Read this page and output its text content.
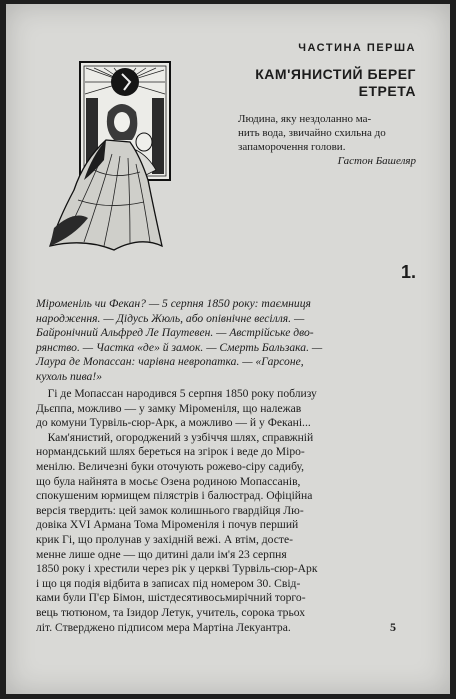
ЧАСТИНА ПЕРША
КАМ'ЯНИСТИЙ БЕРЕГ
ЕТРЕТА
Людина, яку нездоланно ма-
нить вода, звичайно схильна до
запаморочення голови.
Гастон Башеляр
1.
Міроменіль чи Фекан? — 5 серпня 1850 року: таємниця
народження. — Дідусь Жюль, або опівнічне весілля. —
Байронічний Альфред Ле Паутевен. — Австрійське дво-
рянство. — Частка «де» й замок. — Смерть Бальзака. —
Лаура де Мопассан: чарівна невропатка. — «Гарсоне,
кухоль пива!»
Гі де Мопассан народився 5 серпня 1850 року поблизу
Дьєппа, можливо — у замку Міроменіля, що належав
до комуни Турвіль-сюр-Арк, а можливо — й у Фекані...
Кам'янистий, огороджений з узбіччя шлях, справжній
нормандський шлях береться на згірок і веде до Міро-
менілю. Величезні буки оточують рожево-сіру садибу,
що була найнята в мосьє Озена родиною Мопассанів,
спокушеним юрмищем пілястрів і балюстрад. Офіційна
версія твердить: цей замок колишнього гвардійця Лю-
довіка XVI Армана Тома Міроменіля і почув перший
крик Гі, що пролунав у західній вежі. А втім, досте-
менне лише одне — що дитині дали ім'я 23 серпня
1850 року і хрестили через рік у церкві Турвіль-сюр-Арк
і що ця подія відбита в записах під номером 30. Свід-
ками були П'єр Бімон, шістдесятивосьмирічний торго-
вець тютюном, та Ізидор Летук, учитель, сорока трьох
літ. Стверджено підписом мера Мартіна Лекуантра.	5
